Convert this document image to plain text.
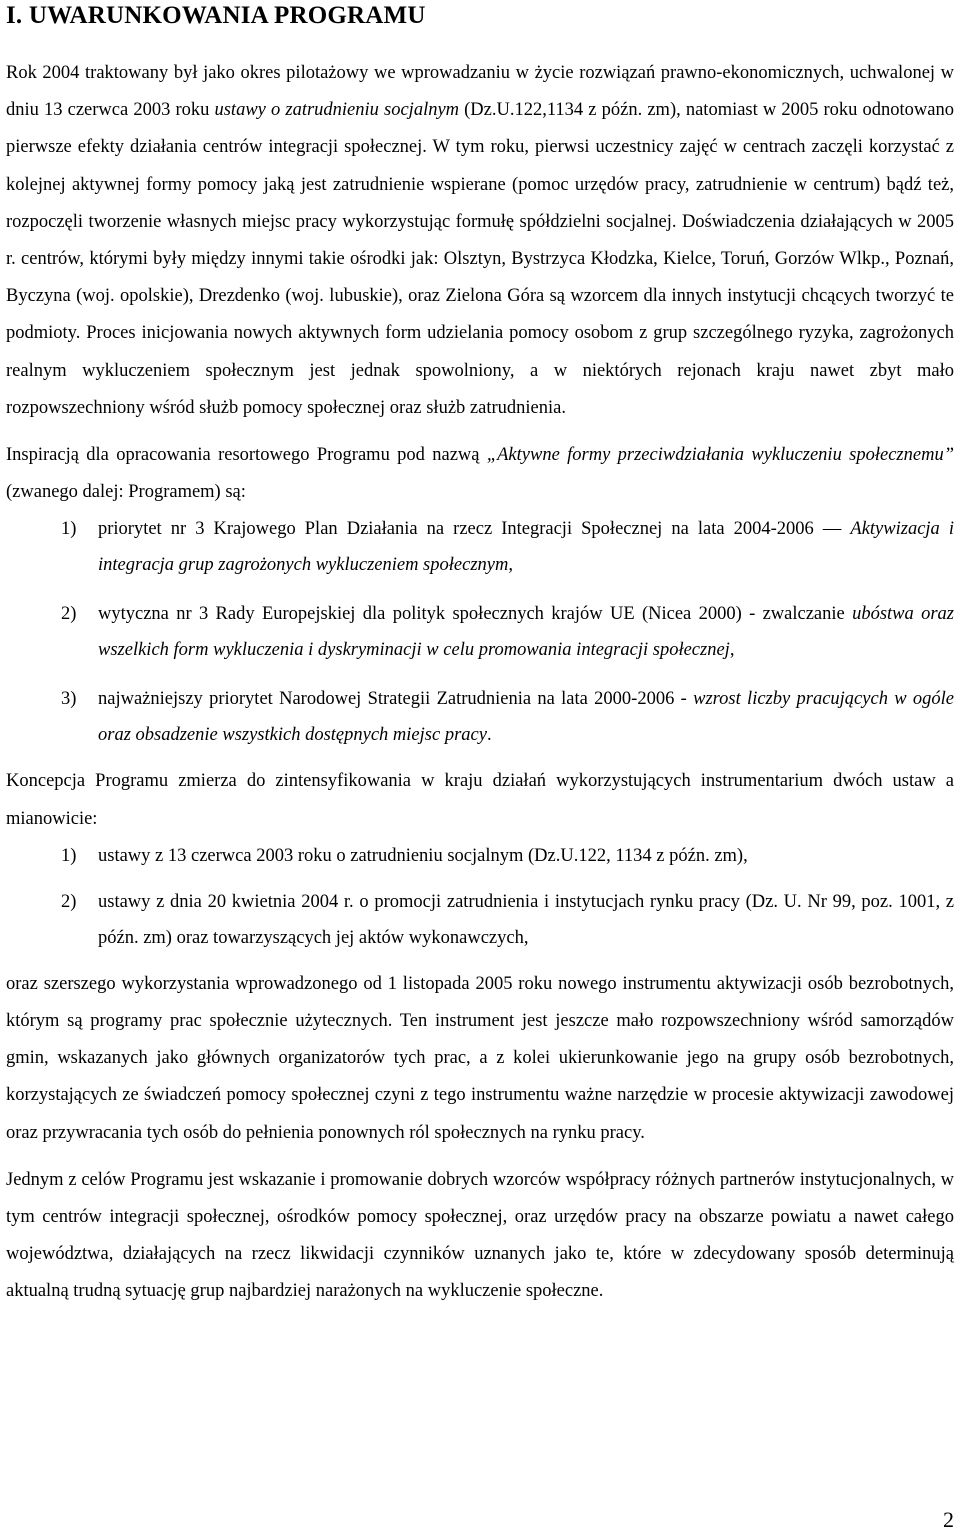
I. UWARUNKOWANIA PROGRAMU

Rok 2004 traktowany był jako okres pilotażowy we wprowadzaniu w życie rozwiązań prawno-ekonomicznych, uchwalonej w dniu 13 czerwca 2003 roku ustawy o zatrudnieniu socjalnym (Dz.U.122,1134 z późn. zm), natomiast w 2005 roku odnotowano pierwsze efekty działania centrów integracji społecznej. W tym roku, pierwsi uczestnicy zajęć w centrach zaczęli korzystać z kolejnej aktywnej formy pomocy jaką jest zatrudnienie wspierane (pomoc urzędów pracy, zatrudnienie w centrum) bądź też, rozpoczęli tworzenie własnych miejsc pracy wykorzystując formułę spółdzielni socjalnej. Doświadczenia działających w 2005 r. centrów, którymi były między innymi takie ośrodki jak: Olsztyn, Bystrzyca Kłodzka, Kielce, Toruń, Gorzów Wlkp., Poznań, Byczyna (woj. opolskie), Drezdenko (woj. lubuskie), oraz Zielona Góra są wzorcem dla innych instytucji chcących tworzyć te podmioty. Proces inicjowania nowych aktywnych form udzielania pomocy osobom z grup szczególnego ryzyka, zagrożonych realnym wykluczeniem społecznym jest jednak spowolniony, a w niektórych rejonach kraju nawet zbyt mało rozpowszechniony wśród służb pomocy społecznej oraz służb zatrudnienia.

Inspiracją dla opracowania resortowego Programu pod nazwą „Aktywne formy przeciwdziałania wykluczeniu społecznemu” (zwanego dalej: Programem) są:

1) priorytet nr 3 Krajowego Plan Działania na rzecz Integracji Społecznej na lata 2004-2006 — Aktywizacja i integracja grup zagrożonych wykluczeniem społecznym,
2) wytyczna nr 3 Rady Europejskiej dla polityk społecznych krajów UE (Nicea 2000) - zwalczanie ubóstwa oraz wszelkich form wykluczenia i dyskryminacji w celu promowania integracji społecznej,
3) najważniejszy priorytet Narodowej Strategii Zatrudnienia na lata 2000-2006 - wzrost liczby pracujących w ogóle oraz obsadzenie wszystkich dostępnych miejsc pracy.

Koncepcja Programu zmierza do zintensyfikowania w kraju działań wykorzystujących instrumentarium dwóch ustaw a mianowicie:

1) ustawy z 13 czerwca 2003 roku o zatrudnieniu socjalnym (Dz.U.122, 1134 z późn. zm),
2) ustawy z dnia 20 kwietnia 2004 r. o promocji zatrudnienia i instytucjach rynku pracy (Dz. U. Nr 99, poz. 1001, z późn. zm) oraz towarzyszących jej aktów wykonawczych,

oraz szerszego wykorzystania wprowadzonego od 1 listopada 2005 roku nowego instrumentu aktywizacji osób bezrobotnych, którym są programy prac społecznie użytecznych. Ten instrument jest jeszcze mało rozpowszechniony wśród samorządów gmin, wskazanych jako głównych organizatorów tych prac, a z kolei ukierunkowanie jego na grupy osób bezrobotnych, korzystających ze świadczeń pomocy społecznej czyni z tego instrumentu ważne narzędzie w procesie aktywizacji zawodowej oraz przywracania tych osób do pełnienia ponownych ról społecznych na rynku pracy.

Jednym z celów Programu jest wskazanie i promowanie dobrych wzorców współpracy różnych partnerów instytucjonalnych, w tym centrów integracji społecznej, ośrodków pomocy społecznej, oraz urzędów pracy na obszarze powiatu a nawet całego województwa, działających na rzecz likwidacji czynników uznanych jako te, które w zdecydowany sposób determinują aktualną trudną sytuację grup najbardziej narażonych na wykluczenie społeczne.

2
